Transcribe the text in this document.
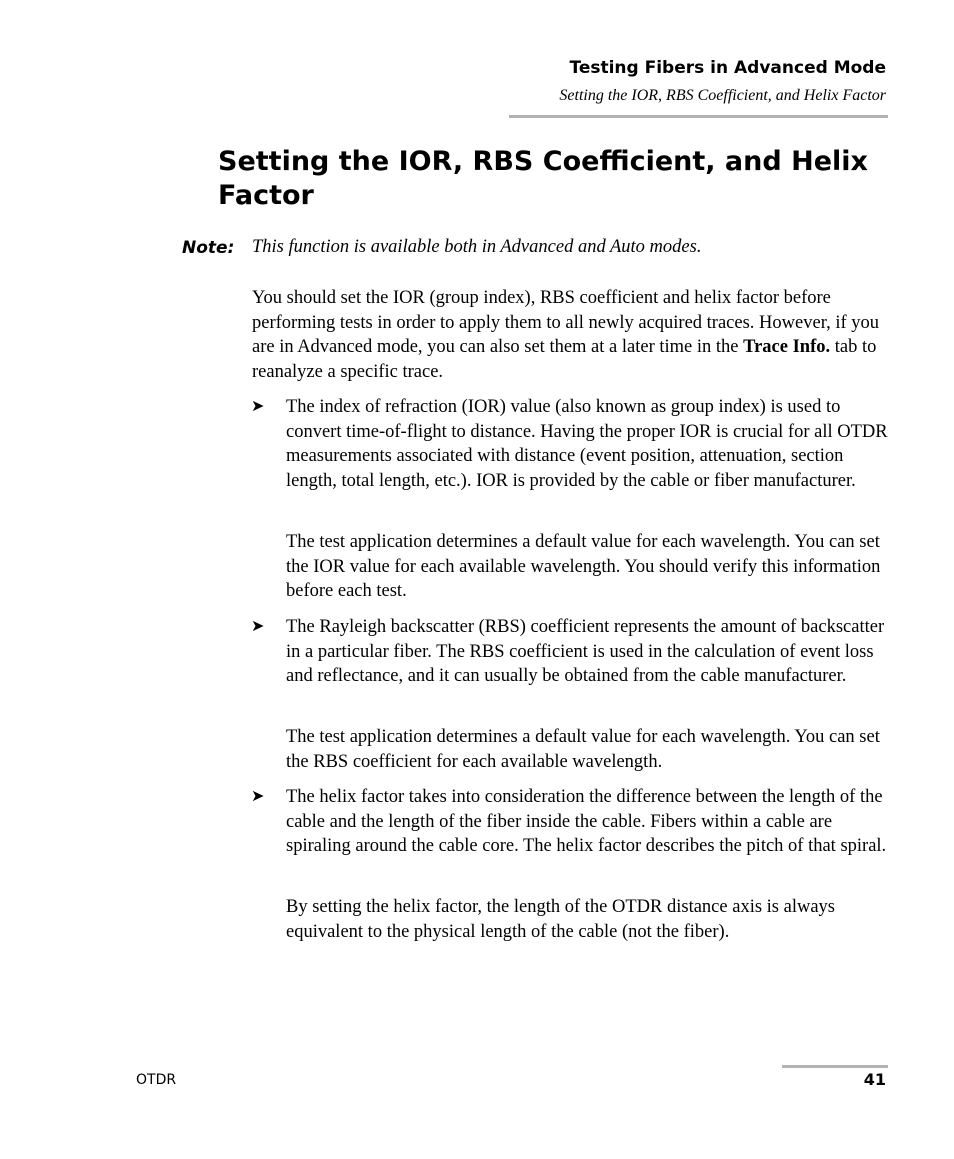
Testing Fibers in Advanced Mode
Setting the IOR, RBS Coefficient, and Helix Factor
Setting the IOR, RBS Coefficient, and Helix Factor
Note: This function is available both in Advanced and Auto modes.

You should set the IOR (group index), RBS coefficient and helix factor before performing tests in order to apply them to all newly acquired traces. However, if you are in Advanced mode, you can also set them at a later time in the Trace Info. tab to reanalyze a specific trace.

➤ The index of refraction (IOR) value (also known as group index) is used to convert time-of-flight to distance. Having the proper IOR is crucial for all OTDR measurements associated with distance (event position, attenuation, section length, total length, etc.). IOR is provided by the cable or fiber manufacturer.

The test application determines a default value for each wavelength. You can set the IOR value for each available wavelength. You should verify this information before each test.

➤ The Rayleigh backscatter (RBS) coefficient represents the amount of backscatter in a particular fiber. The RBS coefficient is used in the calculation of event loss and reflectance, and it can usually be obtained from the cable manufacturer.

The test application determines a default value for each wavelength. You can set the RBS coefficient for each available wavelength.

➤ The helix factor takes into consideration the difference between the length of the cable and the length of the fiber inside the cable. Fibers within a cable are spiraling around the cable core. The helix factor describes the pitch of that spiral.

By setting the helix factor, the length of the OTDR distance axis is always equivalent to the physical length of the cable (not the fiber).

OTDR	41
